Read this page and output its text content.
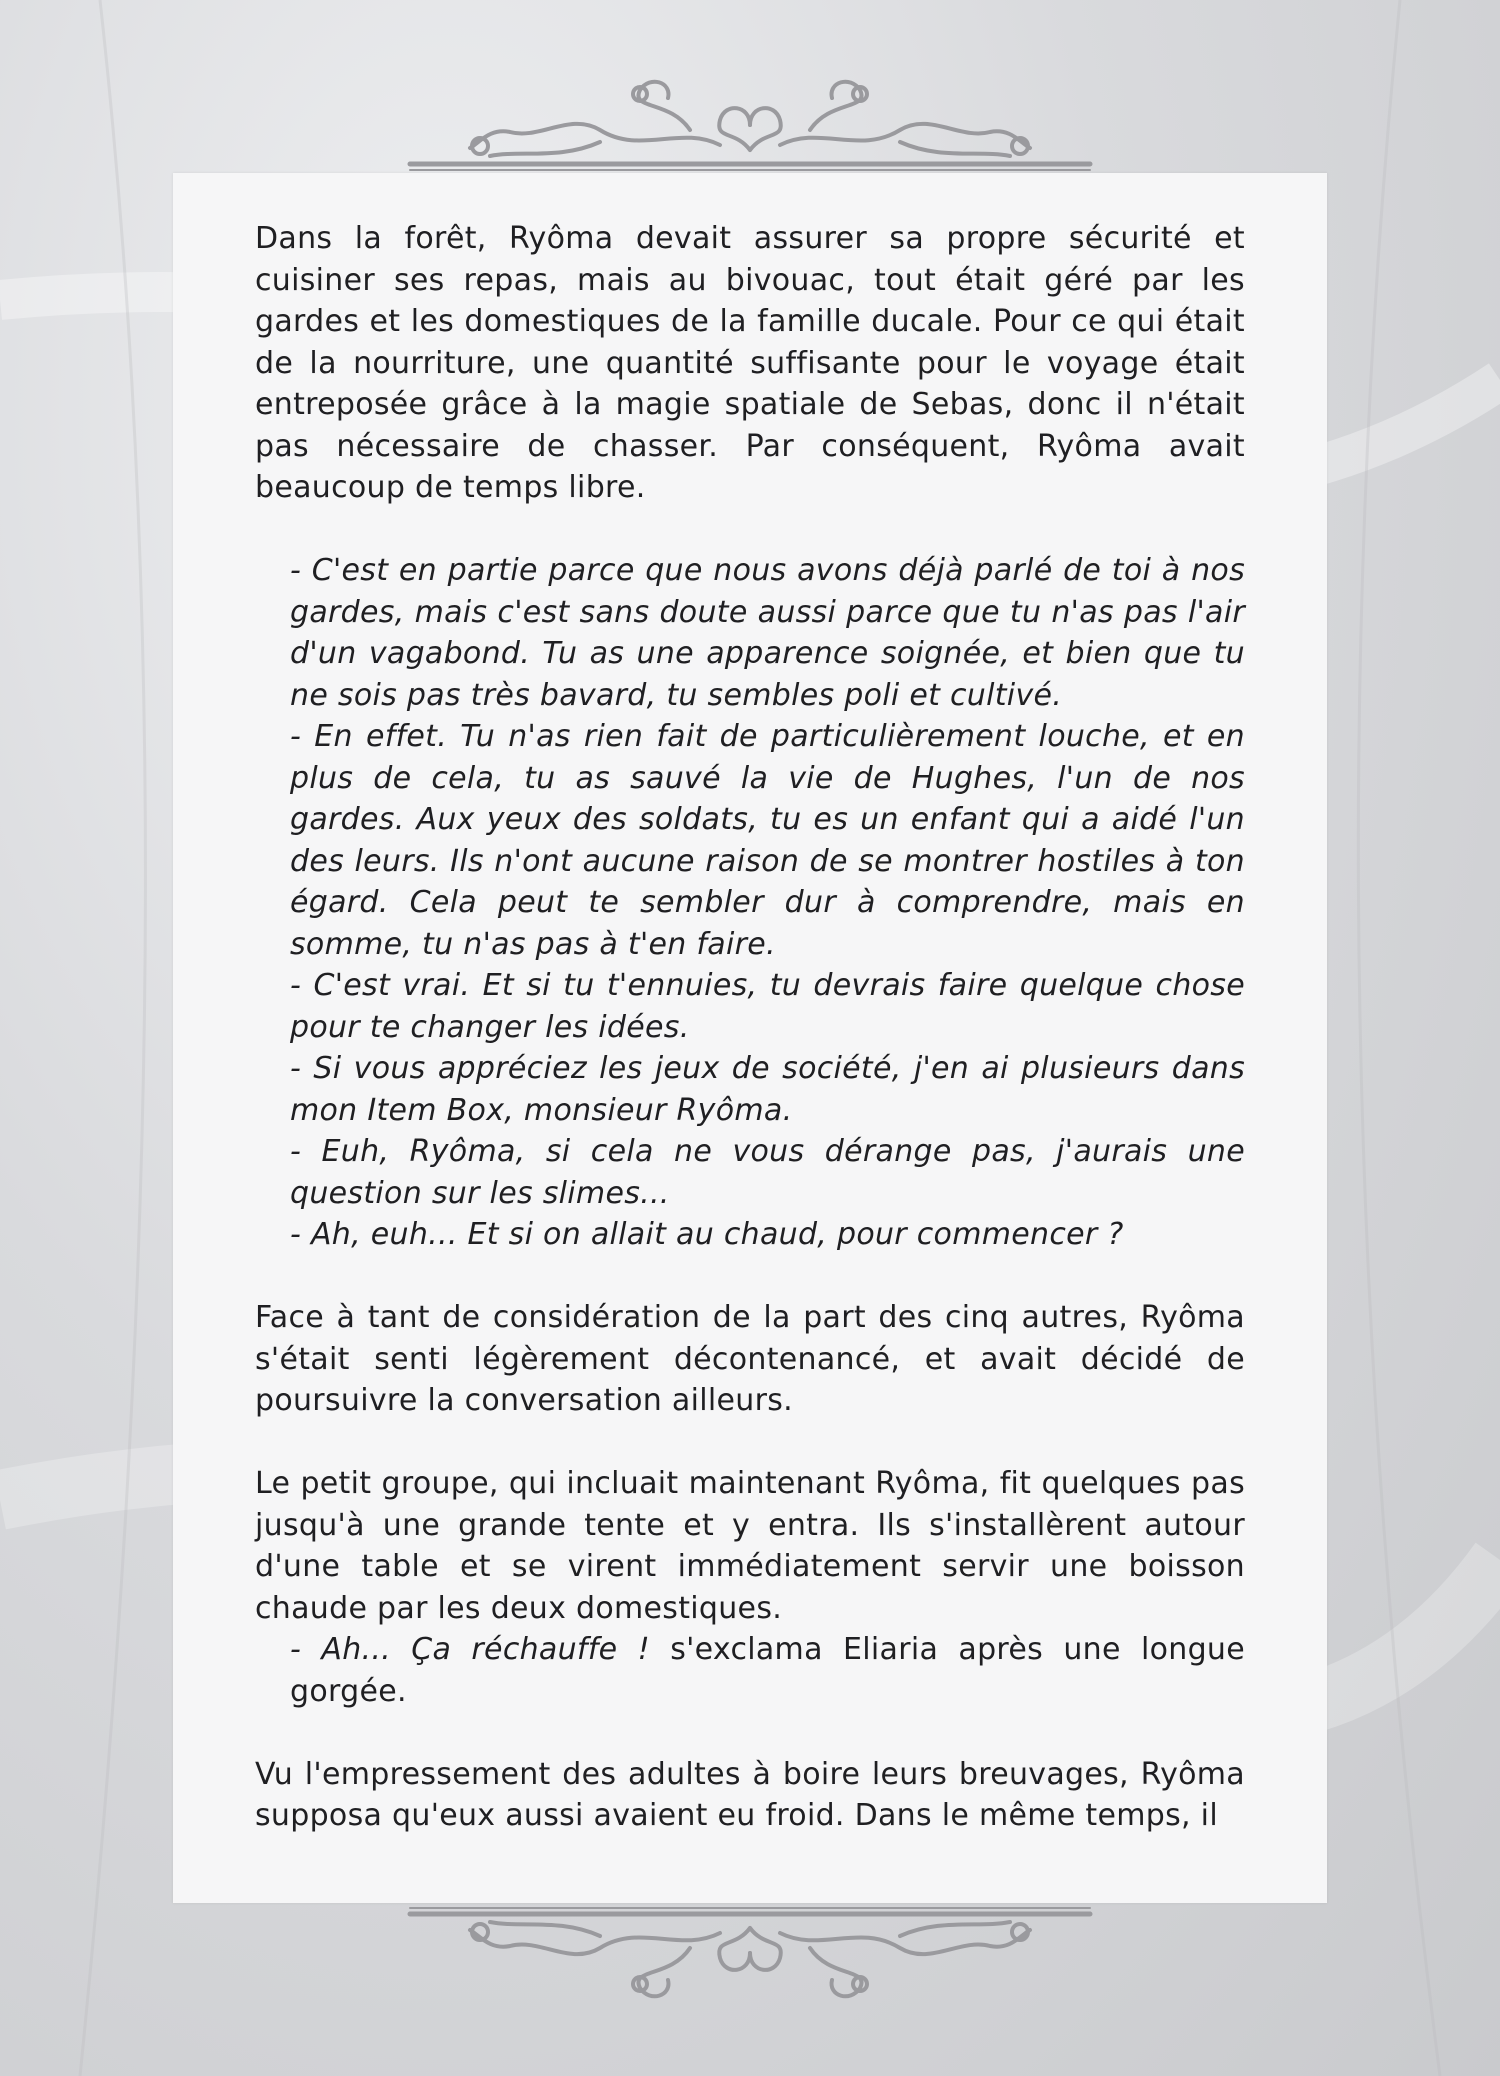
Dans la forêt, Ryôma devait assurer sa propre sécurité et cuisiner ses repas, mais au bivouac, tout était géré par les gardes et les domestiques de la famille ducale. Pour ce qui était de la nourriture, une quantité suffisante pour le voyage était entreposée grâce à la magie spatiale de Sebas, donc il n'était pas nécessaire de chasser. Par conséquent, Ryôma avait beaucoup de temps libre.

- C'est en partie parce que nous avons déjà parlé de toi à nos gardes, mais c'est sans doute aussi parce que tu n'as pas l'air d'un vagabond. Tu as une apparence soignée, et bien que tu ne sois pas très bavard, tu sembles poli et cultivé.

- En effet. Tu n'as rien fait de particulièrement louche, et en plus de cela, tu as sauvé la vie de Hughes, l'un de nos gardes. Aux yeux des soldats, tu es un enfant qui a aidé l'un des leurs. Ils n'ont aucune raison de se montrer hostiles à ton égard. Cela peut te sembler dur à comprendre, mais en somme, tu n'as pas à t'en faire.

- C'est vrai. Et si tu t'ennuies, tu devrais faire quelque chose pour te changer les idées.

- Si vous appréciez les jeux de société, j'en ai plusieurs dans mon Item Box, monsieur Ryôma.

- Euh, Ryôma, si cela ne vous dérange pas, j'aurais une question sur les slimes...

- Ah, euh... Et si on allait au chaud, pour commencer ?

Face à tant de considération de la part des cinq autres, Ryôma s'était senti légèrement décontenancé, et avait décidé de poursuivre la conversation ailleurs.

Le petit groupe, qui incluait maintenant Ryôma, fit quelques pas jusqu'à une grande tente et y entra. Ils s'installèrent autour d'une table et se virent immédiatement servir une boisson chaude par les deux domestiques.

- Ah... Ça réchauffe ! s'exclama Eliaria après une longue gorgée.

Vu l'empressement des adultes à boire leurs breuvages, Ryôma supposa qu'eux aussi avaient eu froid. Dans le même temps, il
